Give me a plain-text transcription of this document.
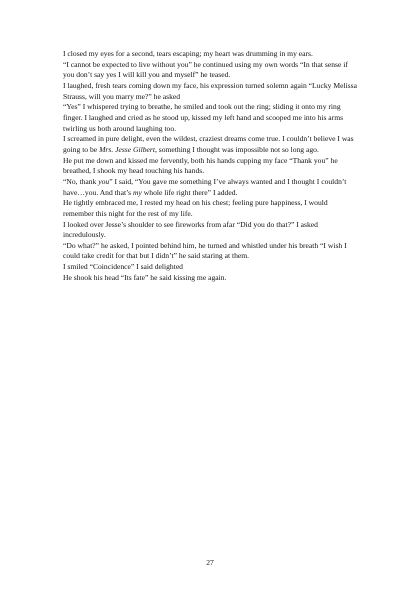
I closed my eyes for a second, tears escaping; my heart was drumming in my ears.

“I cannot be expected to live without you” he continued using my own words “In that sense if you don’t say yes I will kill you and myself” he teased.

I laughed, fresh tears coming down my face, his expression turned solemn again “Lucky Melissa Strauss, will you marry me?” he asked

“Yes” I whispered trying to breathe, he smiled and took out the ring; sliding it onto my ring finger. I laughed and cried as he stood up, kissed my left hand and scooped me into his arms twirling us both around laughing too.

I screamed in pure delight, even the wildest, craziest dreams come true. I couldn’t believe I was going to be Mrs. Jesse Gilbert, something I thought was impossible not so long ago.

He put me down and kissed me fervently, both his hands cupping my face “Thank you” he breathed, I shook my head touching his hands.

“No, thank you” I said, “You gave me something I’ve always wanted and I thought I couldn’t have…you. And that’s my whole life right there” I added.

He tightly embraced me, I rested my head on his chest; feeling pure happiness, I would remember this night for the rest of my life.

I looked over Jesse’s shoulder to see fireworks from afar “Did you do that?” I asked incredulously.

“Do what?” he asked, I pointed behind him, he turned and whistled under his breath “I wish I could take credit for that but I didn’t” he said staring at them.

I smiled “Coincidence” I said delighted

He shook his head “Its fate” he said kissing me again.

27
